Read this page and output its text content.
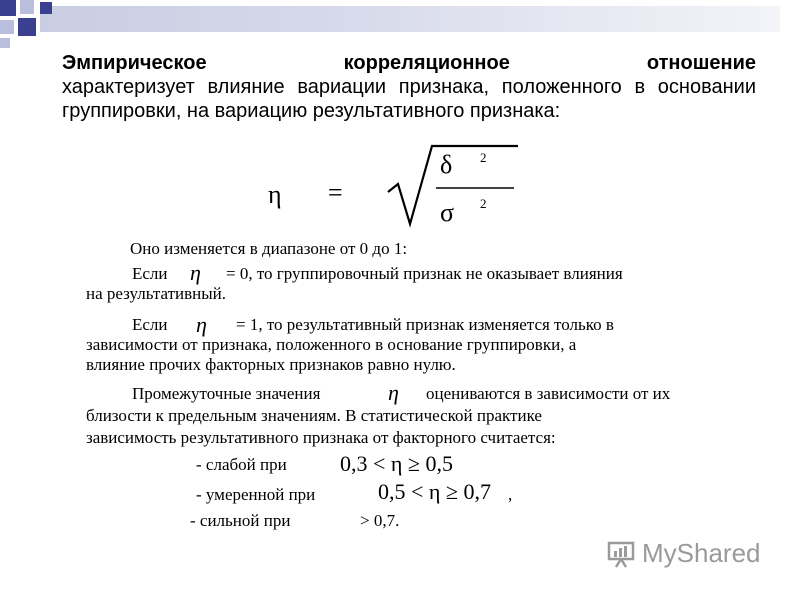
Эмпирическое	корреляционное	отношение
характеризует влияние вариации признака, положенного в основании группировки, на вариацию результативного признака:
η =
δ 2
σ 2
Оно изменяется в диапазоне от 0 до 1:
Если η = 0, то группировочный признак не оказывает влияния
на результативный.
Если η = 1, то результативный признак изменяется только в
зависимости от признака, положенного в основание группировки, а
влияние прочих факторных признаков равно нулю.
Промежуточные значения	η оцениваются в зависимости от их
близости к предельным значениям. В статистической практике
зависимость результативного признака от факторного считается:
- слабой при 0,3 < η ≥ 0,5
- умеренной при	0,5 < η ≥ 0,7 ,
- сильной при	> 0,7.
MyShared
